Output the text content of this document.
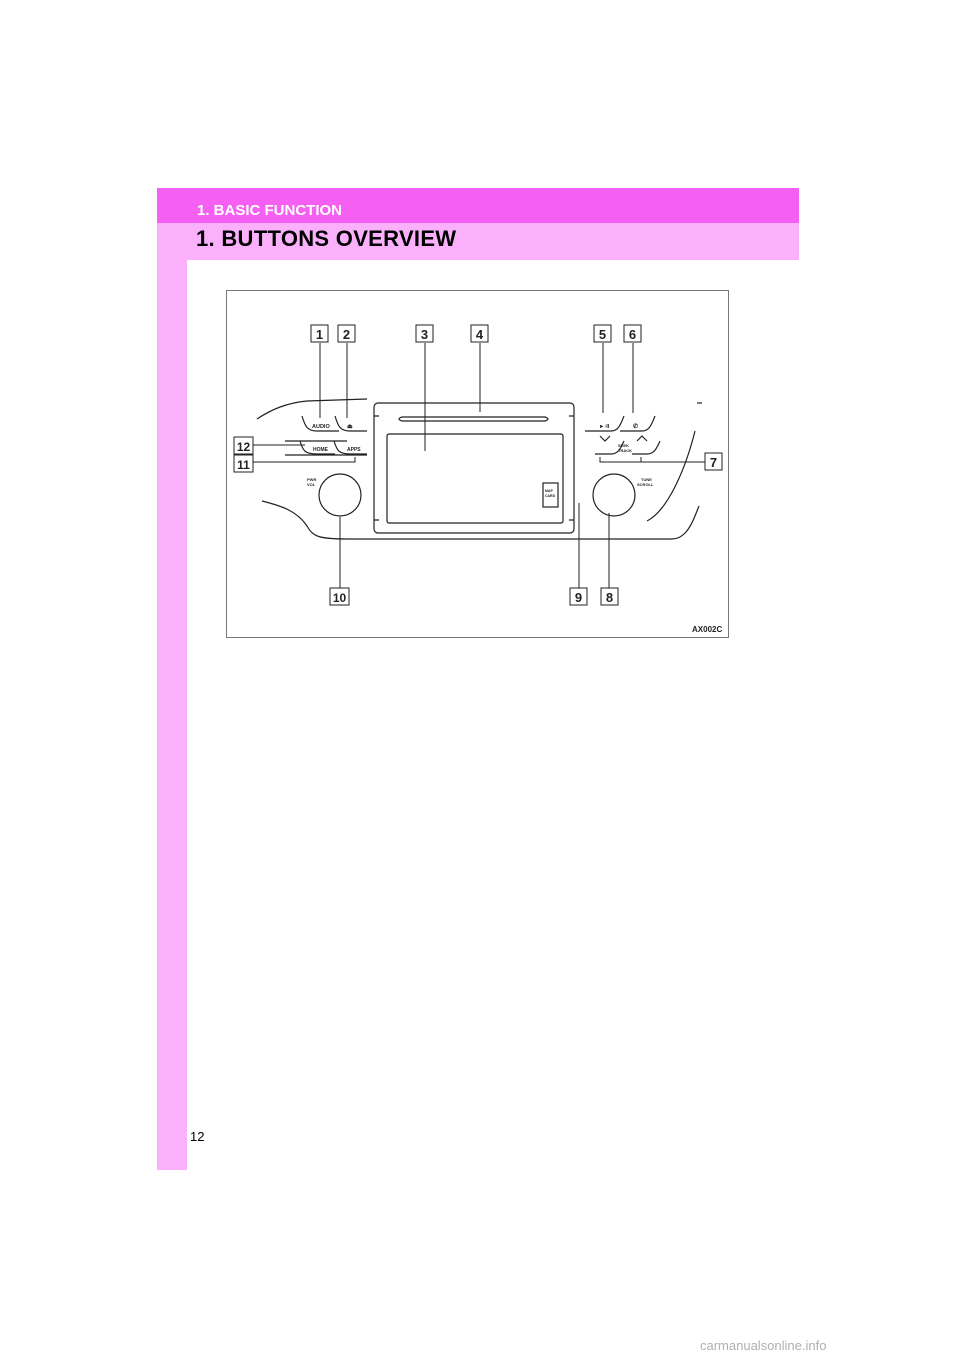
1. BASIC FUNCTION
1. BUTTONS OVERVIEW
AUDIO	⏏
HOME	APPS
►·II	✆
SEEK
TRACK
TUNE
SCROLL
PWR
VOL
MAP
CARD
1 2	3	4	5 6
7
8
9
10
11
12
AX002C
12
carmanualsonline.info
